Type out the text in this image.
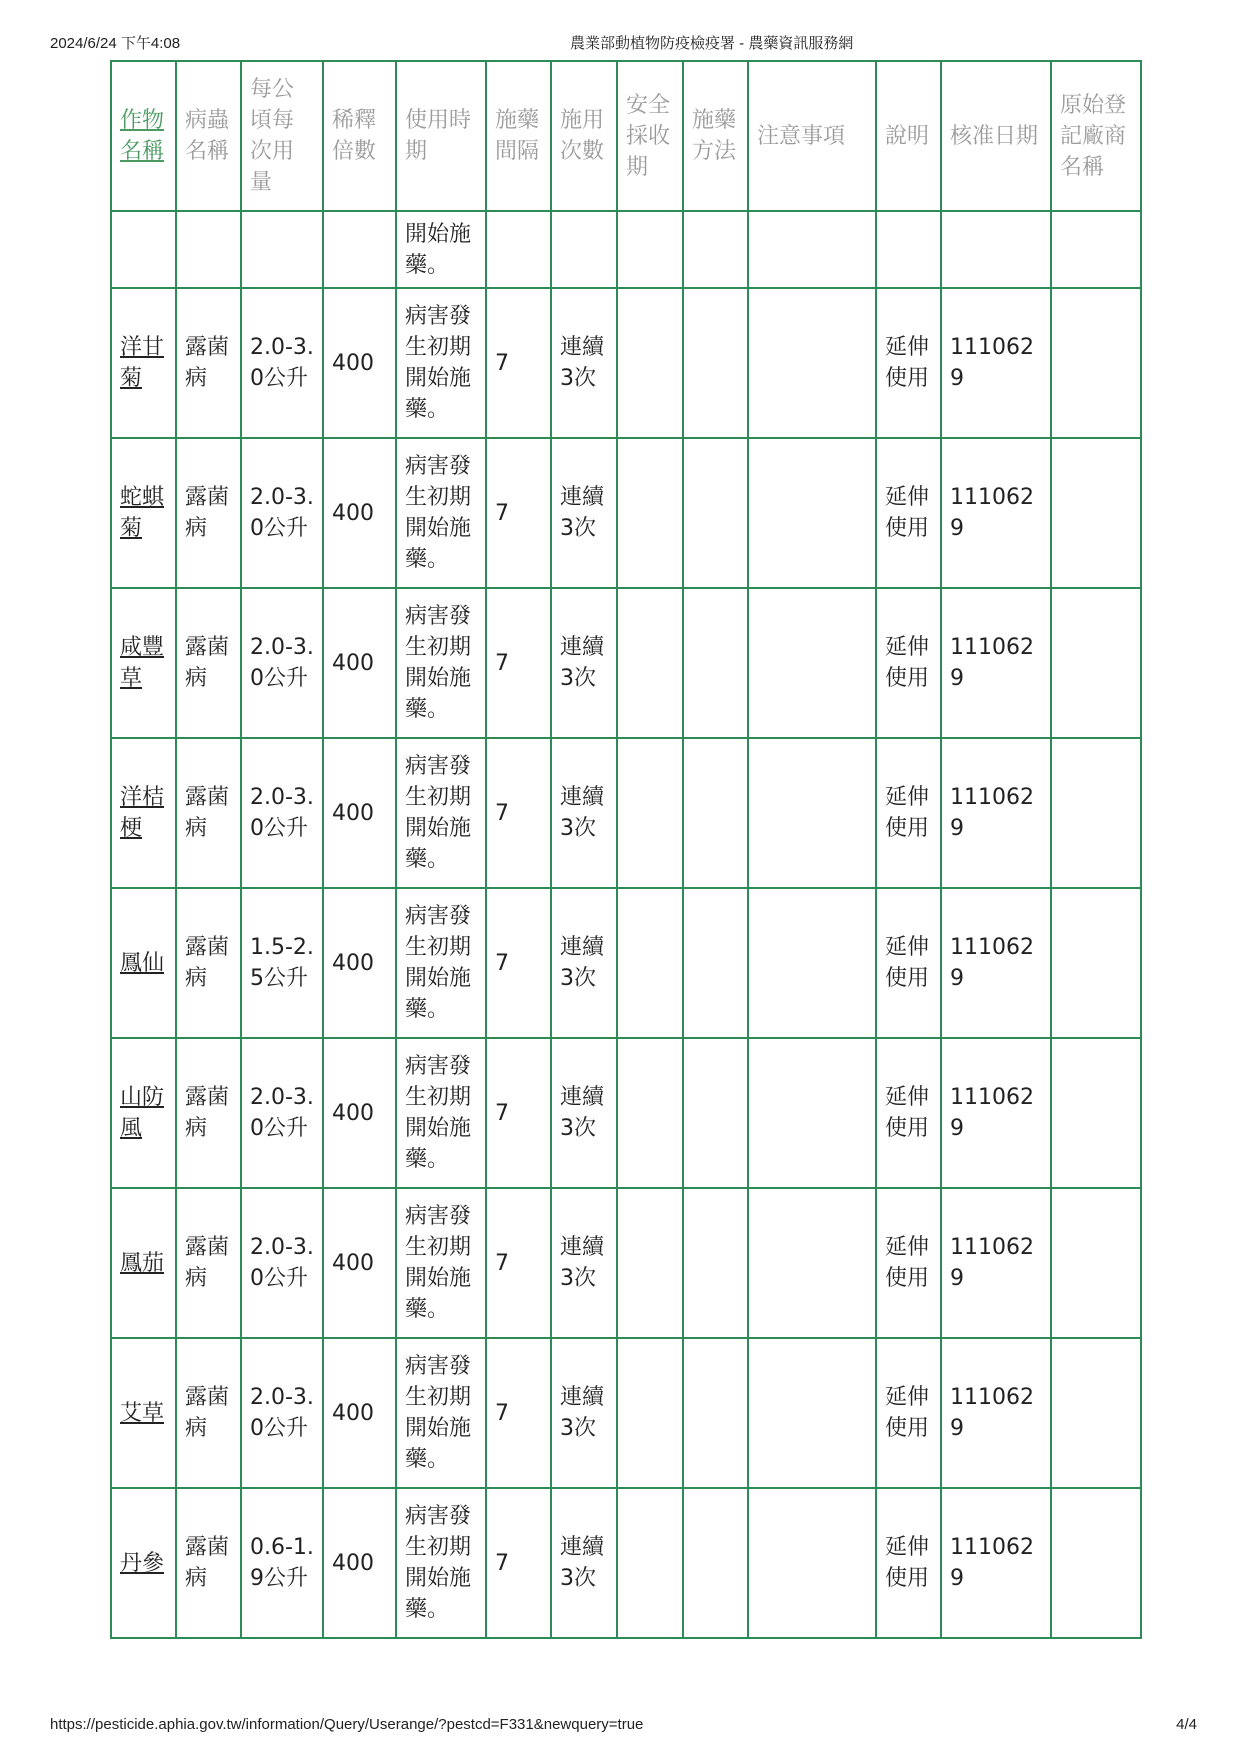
2024/6/24 下午4:08	農業部動植物防疫檢疫署 - 農藥資訊服務網
作物名稱	病蟲名稱	每公頃每次用量	稀釋倍數	使用時期	施藥間隔	施用次數	安全採收期	施藥方法	注意事項	說明	核准日期	原始登記廠商名稱
				開始施藥。								
洋甘菊	露菌病	2.0-3.0公升	400	病害發生初期開始施藥。	7	連續3次				延伸使用	1110629	
蛇蜞菊	露菌病	2.0-3.0公升	400	病害發生初期開始施藥。	7	連續3次				延伸使用	1110629	
咸豐草	露菌病	2.0-3.0公升	400	病害發生初期開始施藥。	7	連續3次				延伸使用	1110629	
洋桔梗	露菌病	2.0-3.0公升	400	病害發生初期開始施藥。	7	連續3次				延伸使用	1110629	
鳳仙	露菌病	1.5-2.5公升	400	病害發生初期開始施藥。	7	連續3次				延伸使用	1110629	
山防風	露菌病	2.0-3.0公升	400	病害發生初期開始施藥。	7	連續3次				延伸使用	1110629	
鳳茄	露菌病	2.0-3.0公升	400	病害發生初期開始施藥。	7	連續3次				延伸使用	1110629	
艾草	露菌病	2.0-3.0公升	400	病害發生初期開始施藥。	7	連續3次				延伸使用	1110629	
丹參	露菌病	0.6-1.9公升	400	病害發生初期開始施藥。	7	連續3次				延伸使用	1110629	
https://pesticide.aphia.gov.tw/information/Query/Userange/?pestcd=F331&newquery=true	4/4
